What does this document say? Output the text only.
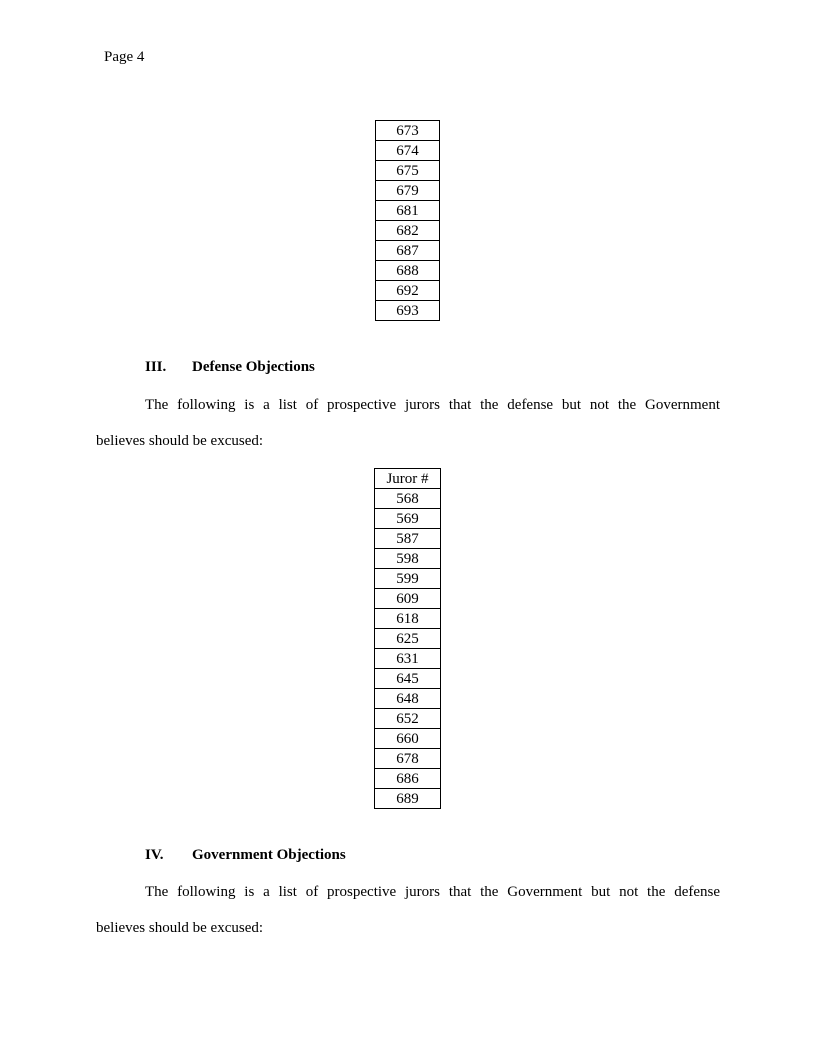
Page 4
673
674
675
679
681
682
687
688
692
693
III. Defense Objections
The following is a list of prospective jurors that the defense but not the Government
believes should be excused:
Juror #
568
569
587
598
599
609
618
625
631
645
648
652
660
678
686
689
IV. Government Objections
The following is a list of prospective jurors that the Government but not the defense
believes should be excused:
